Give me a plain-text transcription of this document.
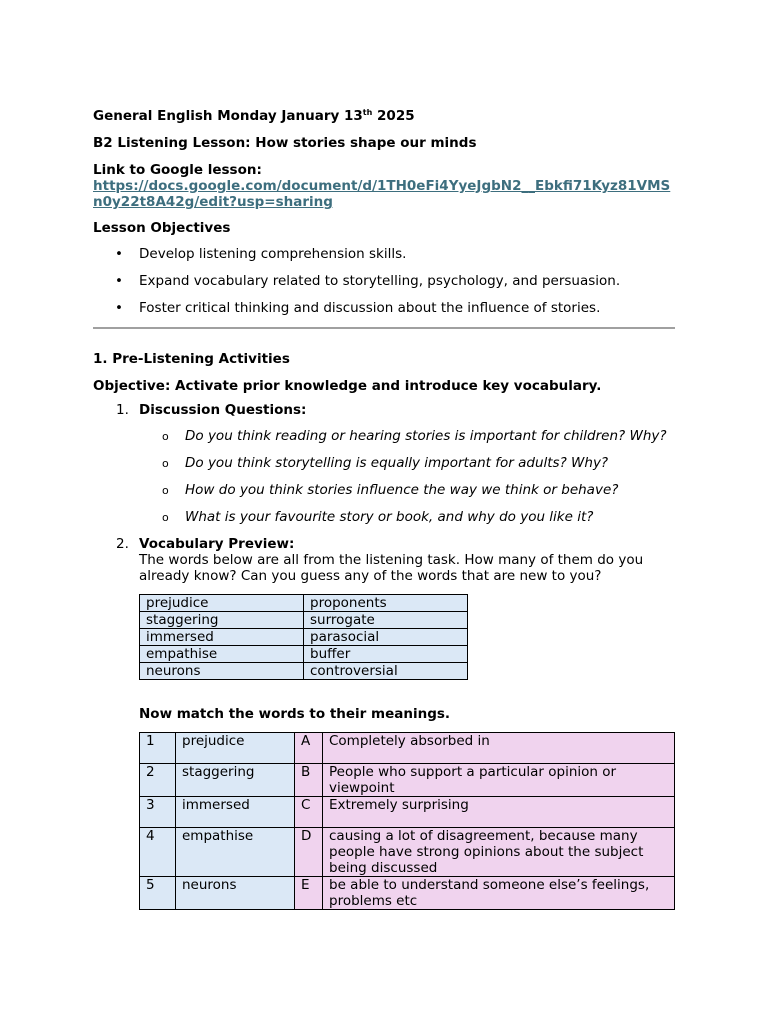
General English Monday January 13th 2025

B2 Listening Lesson: How stories shape our minds

Link to Google lesson:

https://docs.google.com/document/d/1TH0eFi4YyeJgbN2__Ebkfi71Kyz81VMSn0y22t8A42g/edit?usp=sharing

Lesson Objectives

• Develop listening comprehension skills.
• Expand vocabulary related to storytelling, psychology, and persuasion.
• Foster critical thinking and discussion about the influence of stories.

1. Pre-Listening Activities

Objective: Activate prior knowledge and introduce key vocabulary.

1. Discussion Questions:

o Do you think reading or hearing stories is important for children? Why?
o Do you think storytelling is equally important for adults? Why?
o How do you think stories influence the way we think or behave?
o What is your favourite story or book, and why do you like it?
2. Vocabulary Preview:

The words below are all from the listening task. How many of them do you already know? Can you guess any of the words that are new to you?

prejudice	proponents
staggering	surrogate
immersed	parasocial
empathise	buffer
neurons	controversial

Now match the words to their meanings.

1	prejudice	A	Completely absorbed in
2	staggering	B	People who support a particular opinion or viewpoint
3	immersed	C	Extremely surprising
4	empathise	D	causing a lot of disagreement, because many people have strong opinions about the subject being discussed
5	neurons	E	be able to understand someone else’s feelings, problems etc
